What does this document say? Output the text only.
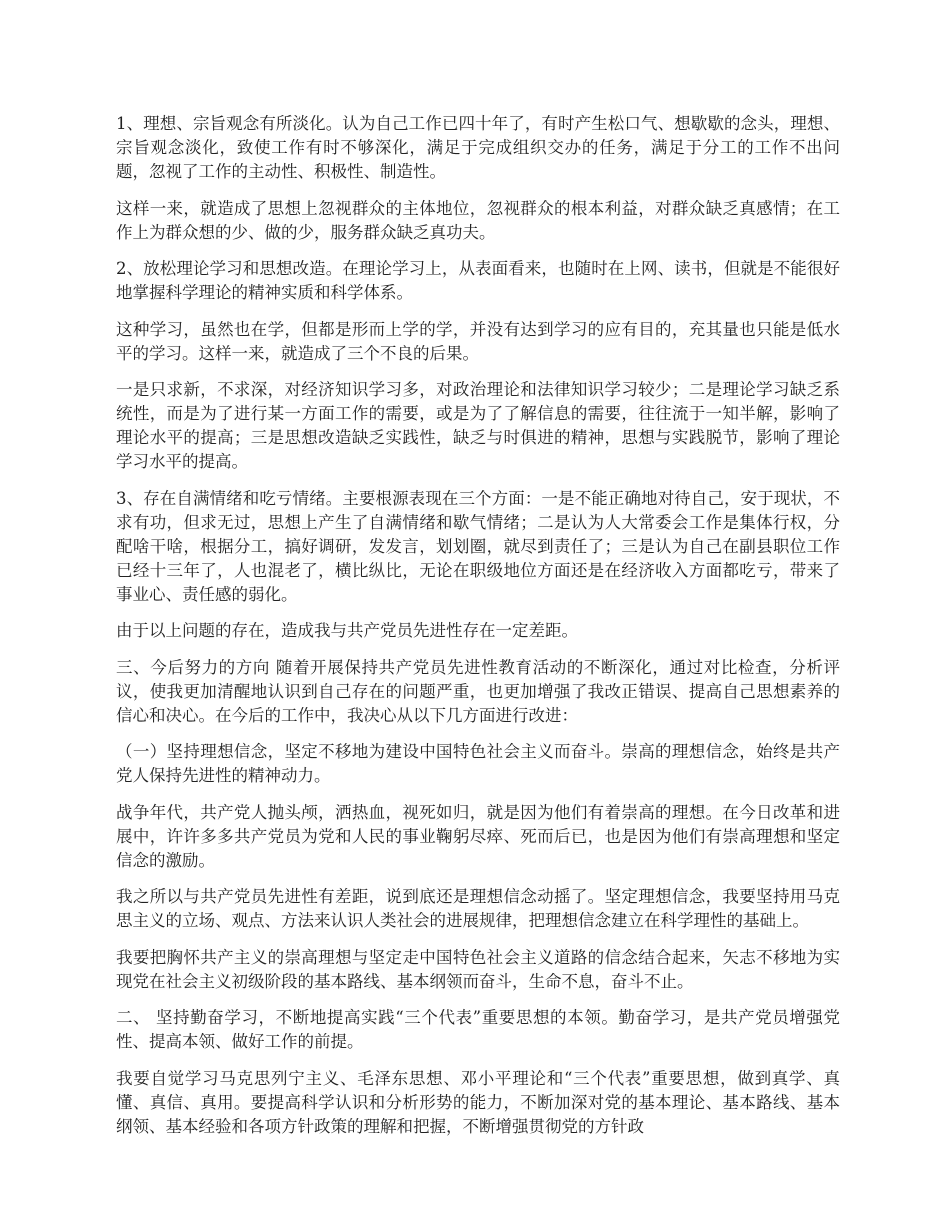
1、理想、宗旨观念有所淡化。认为自己工作已四十年了，有时产生松口气、想歇歇的念头，理想、宗旨观念淡化，致使工作有时不够深化，满足于完成组织交办的任务，满足于分工的工作不出问题，忽视了工作的主动性、积极性、制造性。

这样一来，就造成了思想上忽视群众的主体地位，忽视群众的根本利益，对群众缺乏真感情；在工作上为群众想的少、做的少，服务群众缺乏真功夫。

2、放松理论学习和思想改造。在理论学习上，从表面看来，也随时在上网、读书，但就是不能很好地掌握科学理论的精神实质和科学体系。

这种学习，虽然也在学，但都是形而上学的学，并没有达到学习的应有目的，充其量也只能是低水平的学习。这样一来，就造成了三个不良的后果。

一是只求新，不求深，对经济知识学习多，对政治理论和法律知识学习较少；二是理论学习缺乏系统性，而是为了进行某一方面工作的需要，或是为了了解信息的需要，往往流于一知半解，影响了理论水平的提高；三是思想改造缺乏实践性，缺乏与时俱进的精神，思想与实践脱节，影响了理论学习水平的提高。

3、存在自满情绪和吃亏情绪。主要根源表现在三个方面：一是不能正确地对待自己，安于现状，不求有功，但求无过，思想上产生了自满情绪和歇气情绪；二是认为人大常委会工作是集体行权，分配啥干啥，根据分工，搞好调研，发发言，划划圈，就尽到责任了；三是认为自己在副县职位工作已经十三年了，人也混老了，横比纵比，无论在职级地位方面还是在经济收入方面都吃亏，带来了事业心、责任感的弱化。

由于以上问题的存在，造成我与共产党员先进性存在一定差距。

三、今后努力的方向 随着开展保持共产党员先进性教育活动的不断深化，通过对比检查，分析评议，使我更加清醒地认识到自己存在的问题严重，也更加增强了我改正错误、提高自己思想素养的信心和决心。在今后的工作中，我决心从以下几方面进行改进：

（一）坚持理想信念，坚定不移地为建设中国特色社会主义而奋斗。崇高的理想信念，始终是共产党人保持先进性的精神动力。

战争年代，共产党人抛头颅，洒热血，视死如归，就是因为他们有着崇高的理想。在今日改革和进展中，许许多多共产党员为党和人民的事业鞠躬尽瘁、死而后已，也是因为他们有崇高理想和坚定信念的激励。

我之所以与共产党员先进性有差距，说到底还是理想信念动摇了。坚定理想信念，我要坚持用马克思主义的立场、观点、方法来认识人类社会的进展规律，把理想信念建立在科学理性的基础上。

我要把胸怀共产主义的崇高理想与坚定走中国特色社会主义道路的信念结合起来，矢志不移地为实现党在社会主义初级阶段的基本路线、基本纲领而奋斗，生命不息，奋斗不止。

二、 坚持勤奋学习，不断地提高实践“三个代表”重要思想的本领。勤奋学习，是共产党员增强党性、提高本领、做好工作的前提。

我要自觉学习马克思列宁主义、毛泽东思想、邓小平理论和“三个代表”重要思想，做到真学、真懂、真信、真用。要提高科学认识和分析形势的能力，不断加深对党的基本理论、基本路线、基本纲领、基本经验和各项方针政策的理解和把握，不断增强贯彻党的方针政
